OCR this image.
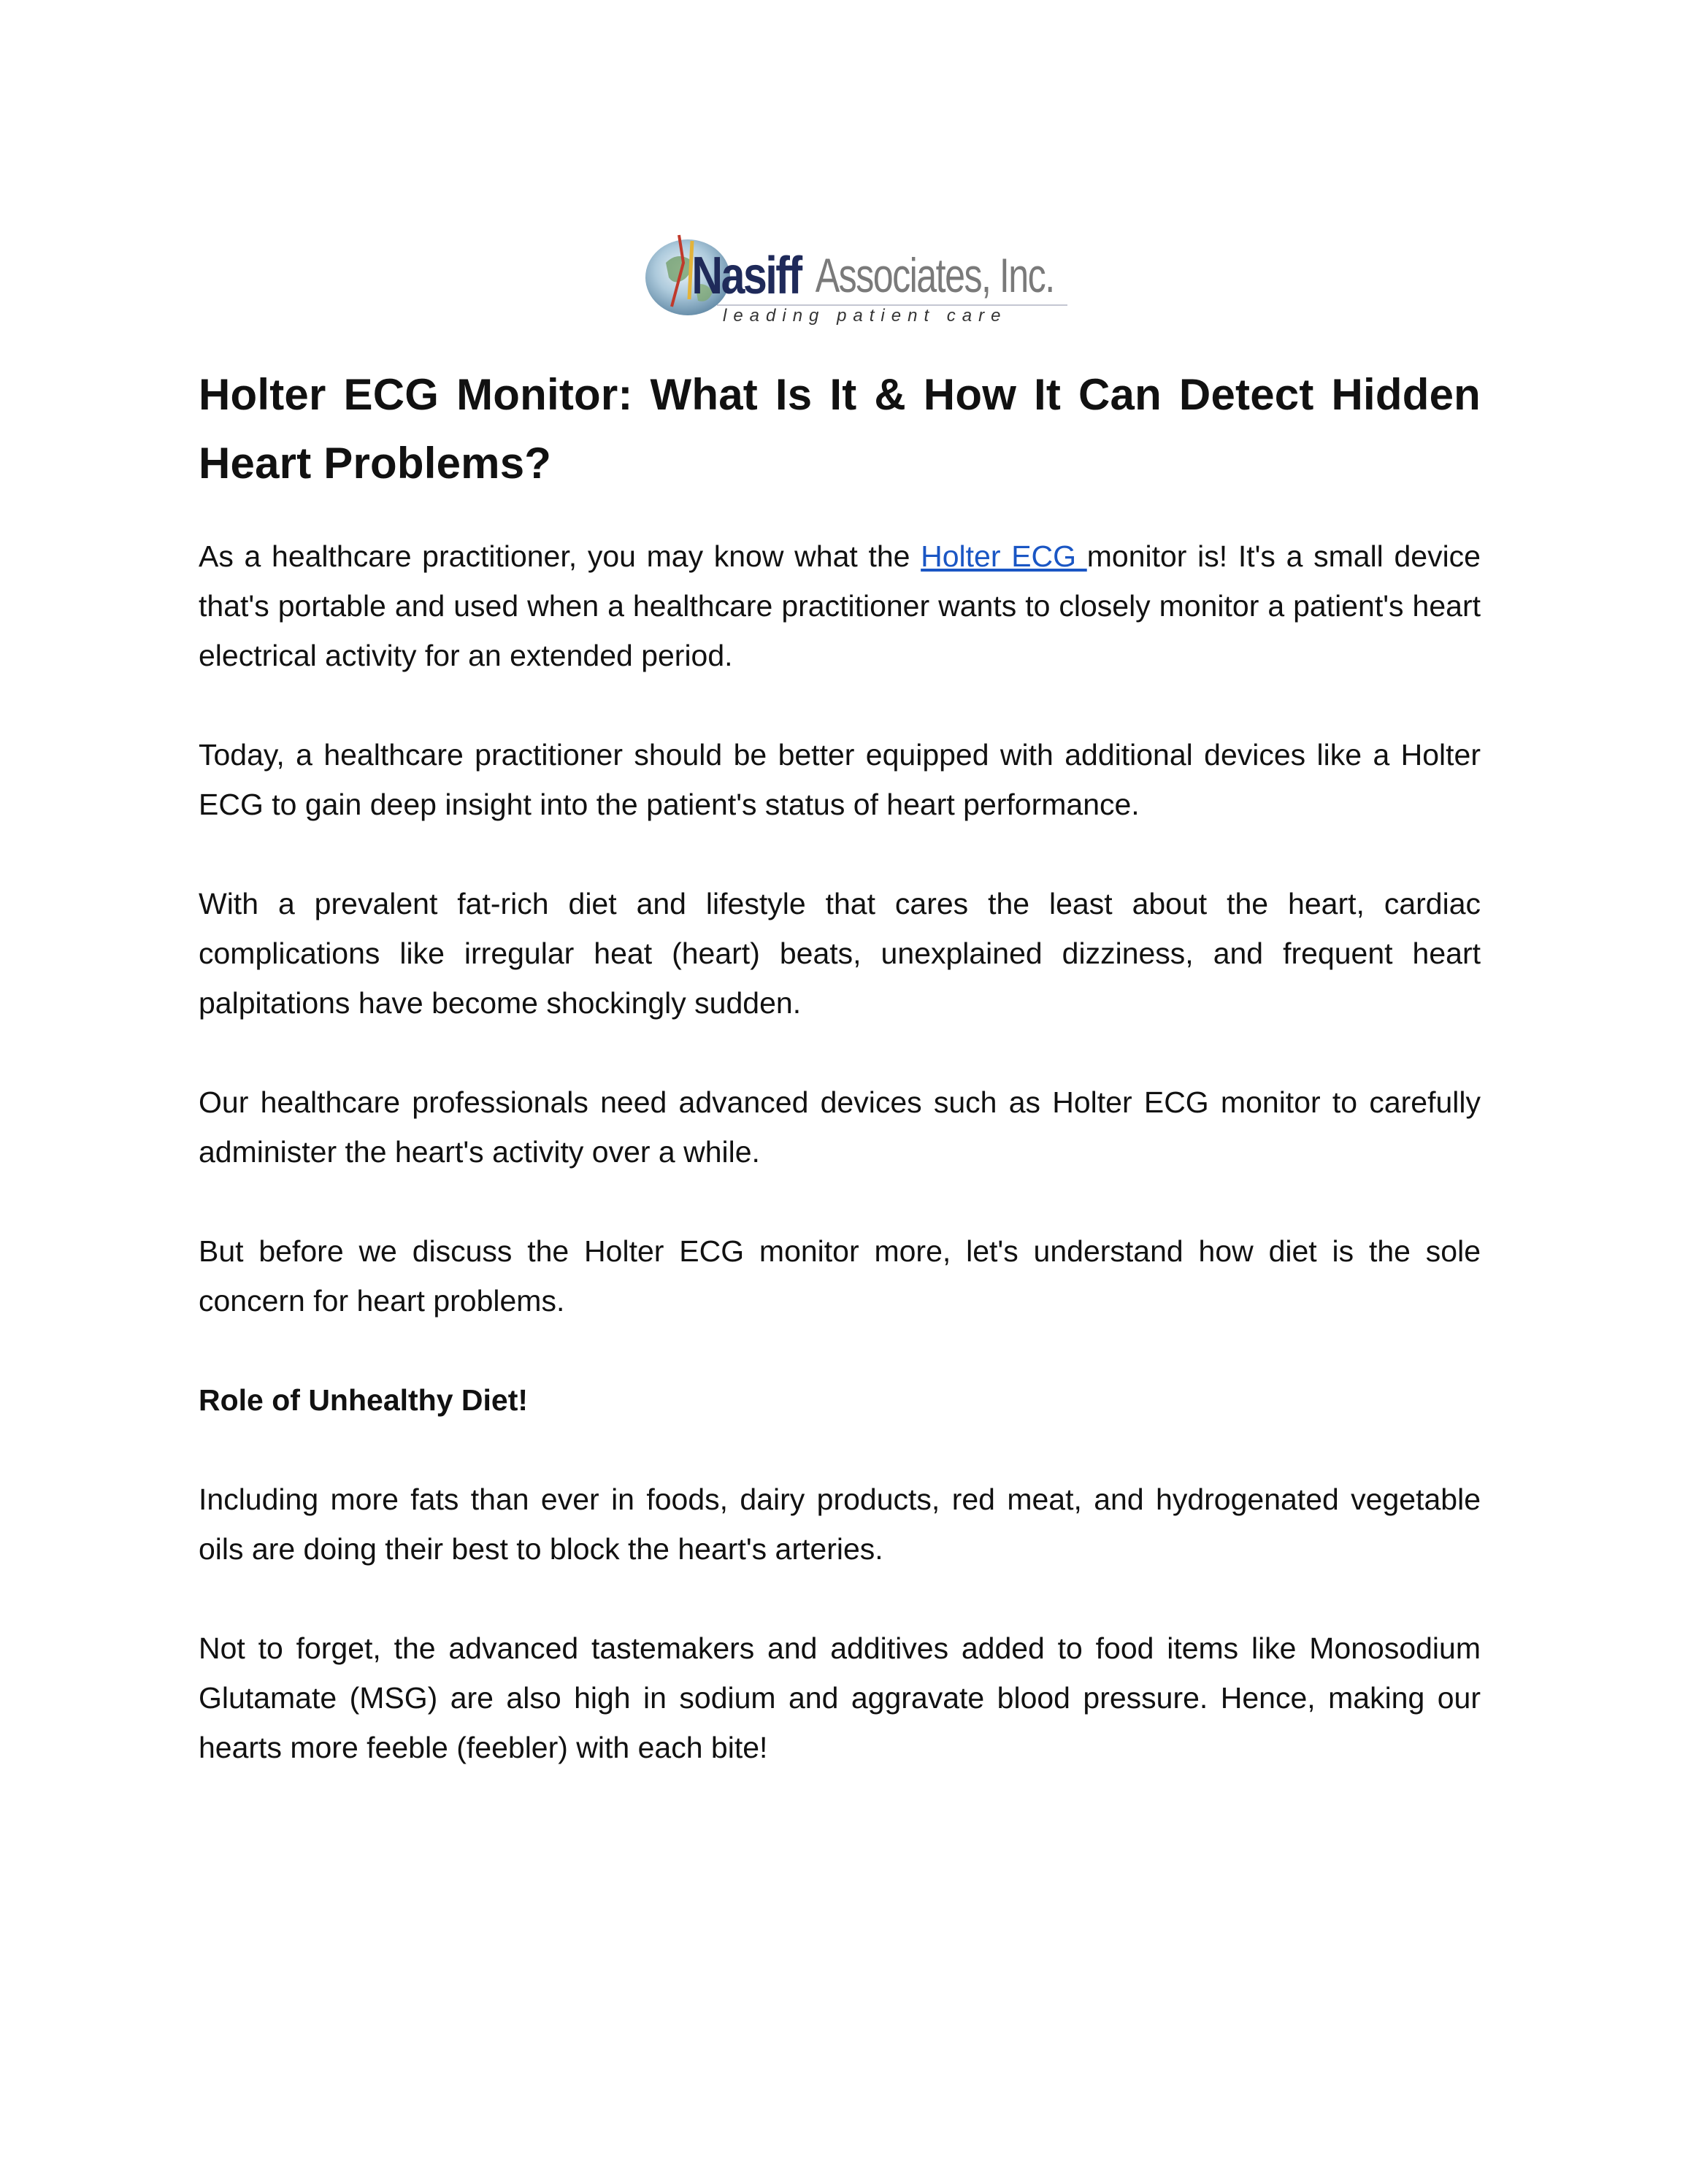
Nasiff Associates, Inc.
leading patient care
Holter ECG Monitor: What Is It & How It Can Detect Hidden Heart Problems?

As a healthcare practitioner, you may know what the Holter ECG monitor is! It's a small device that's portable and used when a healthcare practitioner wants to closely monitor a patient's heart electrical activity for an extended period.

Today, a healthcare practitioner should be better equipped with additional devices like a Holter ECG to gain deep insight into the patient's status of heart performance.

With a prevalent fat-rich diet and lifestyle that cares the least about the heart, cardiac complications like irregular heat (heart) beats, unexplained dizziness, and frequent heart palpitations have become shockingly sudden.

Our healthcare professionals need advanced devices such as Holter ECG monitor to carefully administer the heart's activity over a while.

But before we discuss the Holter ECG monitor more, let's understand how diet is the sole concern for heart problems.

Role of Unhealthy Diet!

Including more fats than ever in foods, dairy products, red meat, and hydrogenated vegetable oils are doing their best to block the heart's arteries.

Not to forget, the advanced tastemakers and additives added to food items like Monosodium Glutamate (MSG) are also high in sodium and aggravate blood pressure. Hence, making our hearts more feeble (feebler) with each bite!
